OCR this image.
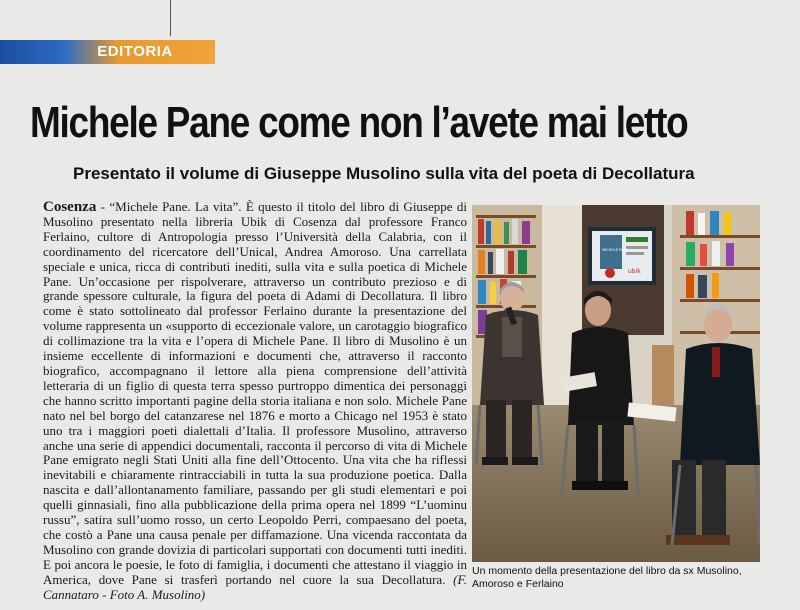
EDITORIA
Michele Pane come non l’avete mai letto
Presentato il volume di Giuseppe Musolino sulla vita del poeta di Decollatura
Cosenza - “Michele Pane. La vita”. È questo il titolo del libro di Giuseppe di Musolino presentato nella libreria Ubik di Cosenza dal professore Franco Ferlaino, cultore di Antropologia presso l’Università della Calabria, con il coordinamento del ricercatore dell’Unical, Andrea Amoroso. Una carrellata speciale e unica, ricca di contributi inediti, sulla vita e sulla poetica di Michele Pane. Un’occasione per rispolverare, attraverso un contributo prezioso e di grande spessore culturale, la figura del poeta di Adami di Decollatura. Il libro come è stato sottolineato dal professor Ferlaino durante la presentazione del volume rappresenta un «supporto di eccezionale valore, un carotaggio biografico di collimazione tra la vita e l’opera di Michele Pane. Il libro di Musolino è un insieme eccellente di informazioni e documenti che, attraverso il racconto biografico, accompagnano il lettore alla piena comprensione dell’attività letteraria di un figlio di questa terra spesso purtroppo dimentica dei personaggi che hanno scritto importanti pagine della storia italiana e non solo. Michele Pane nato nel bel borgo del catanzarese nel 1876 e morto a Chicago nel 1953 è stato uno tra i maggiori poeti dialettali d’Italia. Il professore Musolino, attraverso anche una serie di appendici documentali, racconta il percorso di vita di Michele Pane emigrato negli Stati Uniti alla fine dell’Ottocento. Una vita che ha riflessi inevitabili e chiaramente rintracciabili in tutta la sua produzione poetica. Dalla nascita e dall’allontanamento familiare, passando per gli studi elementari e poi quelli ginnasiali, fino alla pubblicazione della prima opera nel 1899 “L’uominu russu”, satira sull’uomo rosso, un certo Leopoldo Perri, compaesano del poeta, che costò a Pane una causa penale per diffamazione. Una vicenda raccontata da Musolino con grande dovizia di particolari supportati con documenti tutti inediti. E poi ancora le poesie, le foto di famiglia, i documenti che attestano il viaggio in America, dove Pane si trasferì portando nel cuore la sua Decollatura. (F. Cannataro - Foto A. Musolino)
ubik
MICHELE PANE
Un momento della presentazione del libro da sx Musolino, Amoroso e Ferlaino
